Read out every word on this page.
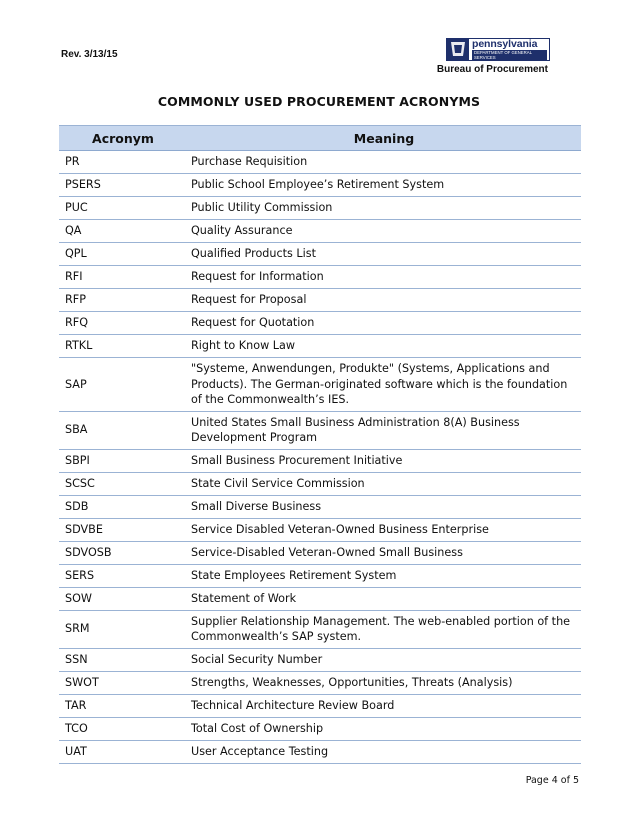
Rev. 3/13/15
pennsylvania
DEPARTMENT OF GENERAL SERVICES
Bureau of Procurement
COMMONLY USED PROCUREMENT ACRONYMS
Acronym	Meaning
PR	Purchase Requisition
PSERS	Public School Employee’s Retirement System
PUC	Public Utility Commission
QA	Quality Assurance
QPL	Qualified Products List
RFI	Request for Information
RFP	Request for Proposal
RFQ	Request for Quotation
RTKL	Right to Know Law
SAP	"Systeme, Anwendungen, Produkte" (Systems, Applications and Products). The German-originated software which is the foundation of the Commonwealth’s IES.
SBA	United States Small Business Administration 8(A) Business Development Program
SBPI	Small Business Procurement Initiative
SCSC	State Civil Service Commission
SDB	Small Diverse Business
SDVBE	Service Disabled Veteran-Owned Business Enterprise
SDVOSB	Service-Disabled Veteran-Owned Small Business
SERS	State Employees Retirement System
SOW	Statement of Work
SRM	Supplier Relationship Management. The web-enabled portion of the Commonwealth’s SAP system.
SSN	Social Security Number
SWOT	Strengths, Weaknesses, Opportunities, Threats (Analysis)
TAR	Technical Architecture Review Board
TCO	Total Cost of Ownership
UAT	User Acceptance Testing
Page 4 of 5
